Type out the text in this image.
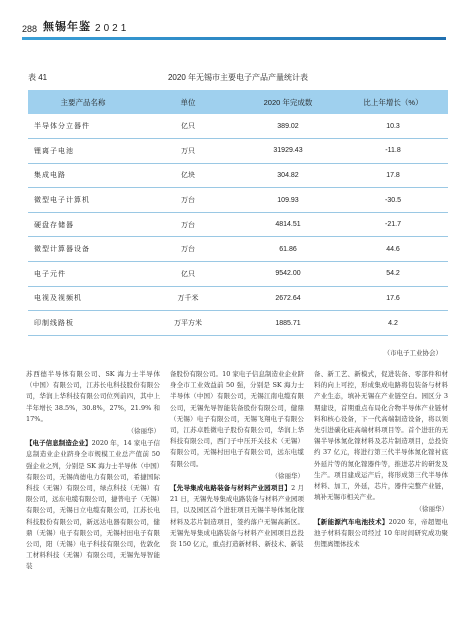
288 無锡年鉴 2021
表 41	2020 年无锡市主要电子产品产量统计表
主要产品名称	单位	2020 年完成数	比上年增长（%）
半导体分立器件	亿只	389.02	10.3
锂离子电池	万只	31929.43	-11.8
集成电路	亿块	304.82	17.8
微型电子计算机	万台	109.93	-30.5
硬盘存储器	万台	4814.51	-21.7
微型计算器设备	万台	61.86	44.6
电子元件	亿只	9542.00	54.2
电视及视频机	万千米	2672.64	17.6
印制线路板	万平方米	1885.71	4.2
（市电子工业协会）

苏西德半导体有限公司、SK 海力士半导体（中国）有限公司，江苏长电科技股份有限公司，华润上华科技有限公司位列前四，其中上半年增长 38.5%，30.8%，27%，21.9% 和 17%。

（徐丽华）

【电子信息制造企业】2020 年，14 家电子信息制造业企业跻身全市规模工业总产值前 50 强企业之列，分别是 SK 海力士半导体（中国）有限公司，无锡尚德电力有限公司，希捷国际科技（无锡）有限公司，绿点科技（无锡）有限公司，远东电缆有限公司，捷普电子（无锡）有限公司，无锡日立电缆有限公司，江苏长电科技股份有限公司，新远达电器有限公司，健鼎（无锡）电子有限公司，无锡村田电子有限公司，阳（无锡）电子科技有限公司，佐敦化工材料科技（无锡）有限公司，无锡先导智能装

备股份有限公司。10 家电子信息制造业企业跻身全市工业效益前 50 强，分别是 SK 海力士半导体（中国）有限公司，无锡江南电缆有限公司，无锡先导智能装备股份有限公司，健鼎（无锡）电子有限公司，无锡飞翔电子有限公司，江苏卓胜微电子股份有限公司，华润上华科技有限公司，西门子中压开关技术（无锡）有限公司，无锡村田电子有限公司，远东电缆有限公司。

（徐丽华）

【先导集成电路装备与材料产业园项目】2 月 21 日，无锡先导集成电路装备与材料产业园项目，以及园区首个进驻项目无锡半导体氮化镓材料及芯片制造项目，签约落户无锡高新区。无锡先导集成电路装备与材料产业园项目总投资 150 亿元，重点打造新材料、新技术、新装

备、新工艺、新模式，促进装备、零部件和材料的向上可控，形成集成电路将包装备与材料产业生态，填补无锡在产业链空白。园区分 3 期建设，首期重点布局化合物半导体产业链材料和核心设备，下一代高端制造设备，将以领先引进碳化硅高端材料项目等。首个进驻的无锡半导体氮化镓材料及芯片制造项目，总投资约 37 亿元，将进行第三代半导体氮化镓衬底外延片等的氮化镓器件等，推进芯片的研发及生产。项目建成运产后，将形成第三代半导体材料、加工，外延，芯片，器件完整产业链，填补无锡市相关产业。

（徐丽华）

【新能源汽车电池技术】2020 年，帝超锂电池子材料有限公司经过 10 年时间研究成功聚焦锂离锂体技术
